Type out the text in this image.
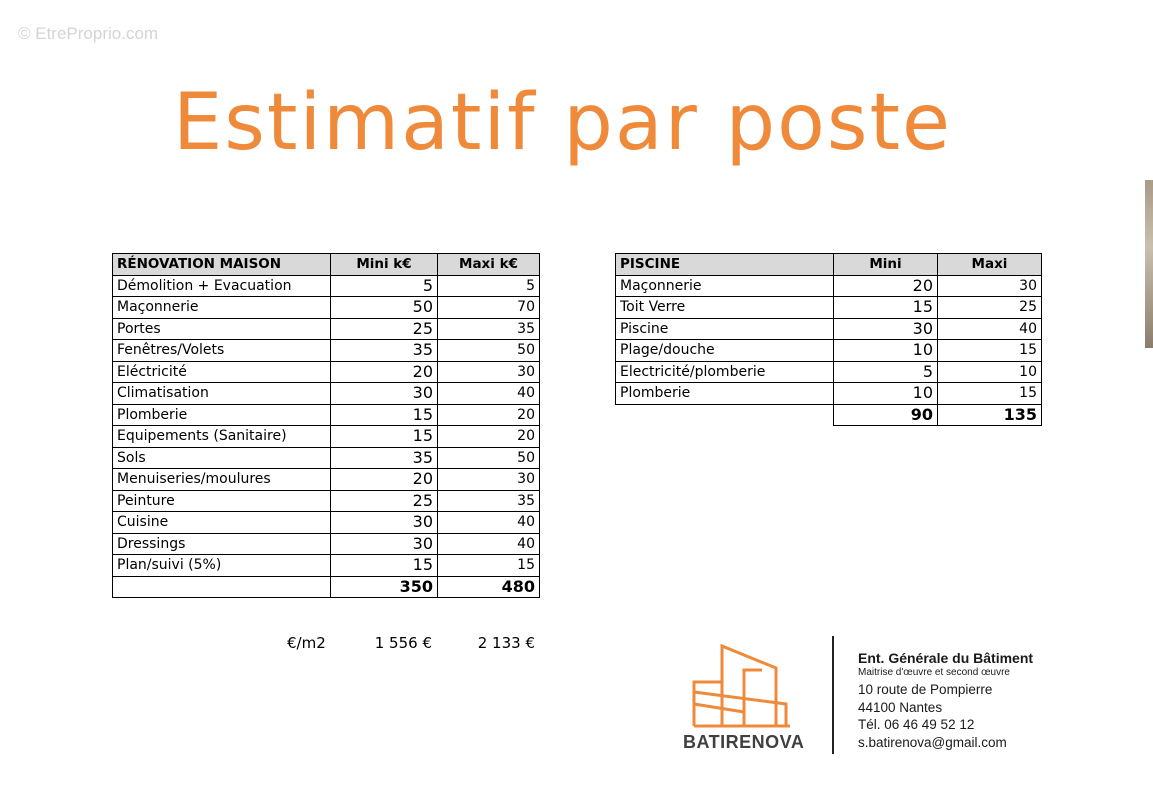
© EtreProprio.com
Estimatif par poste
RÉNOVATION MAISON	Mini k€	Maxi k€
Démolition + Evacuation	5	5
Maçonnerie	50	70
Portes	25	35
Fenêtres/Volets	35	50
Eléctricité	20	30
Climatisation	30	40
Plomberie	15	20
Equipements (Sanitaire)	15	20
Sols	35	50
Menuiseries/moulures	20	30
Peinture	25	35
Cuisine	30	40
Dressings	30	40
Plan/suivi (5%)	15	15
	350	480
€/m2	1 556 €	2 133 €
PISCINE	Mini	Maxi
Maçonnerie	20	30
Toit Verre	15	25
Piscine	30	40
Plage/douche	10	15
Electricité/plomberie	5	10
Plomberie	10	15
	90	135
BATIRENOVA
Ent. Générale du Bâtiment
Maitrise d'œuvre et second œuvre
10 route de Pompierre
44100 Nantes
Tél. 06 46 49 52 12
s.batirenova@gmail.com
